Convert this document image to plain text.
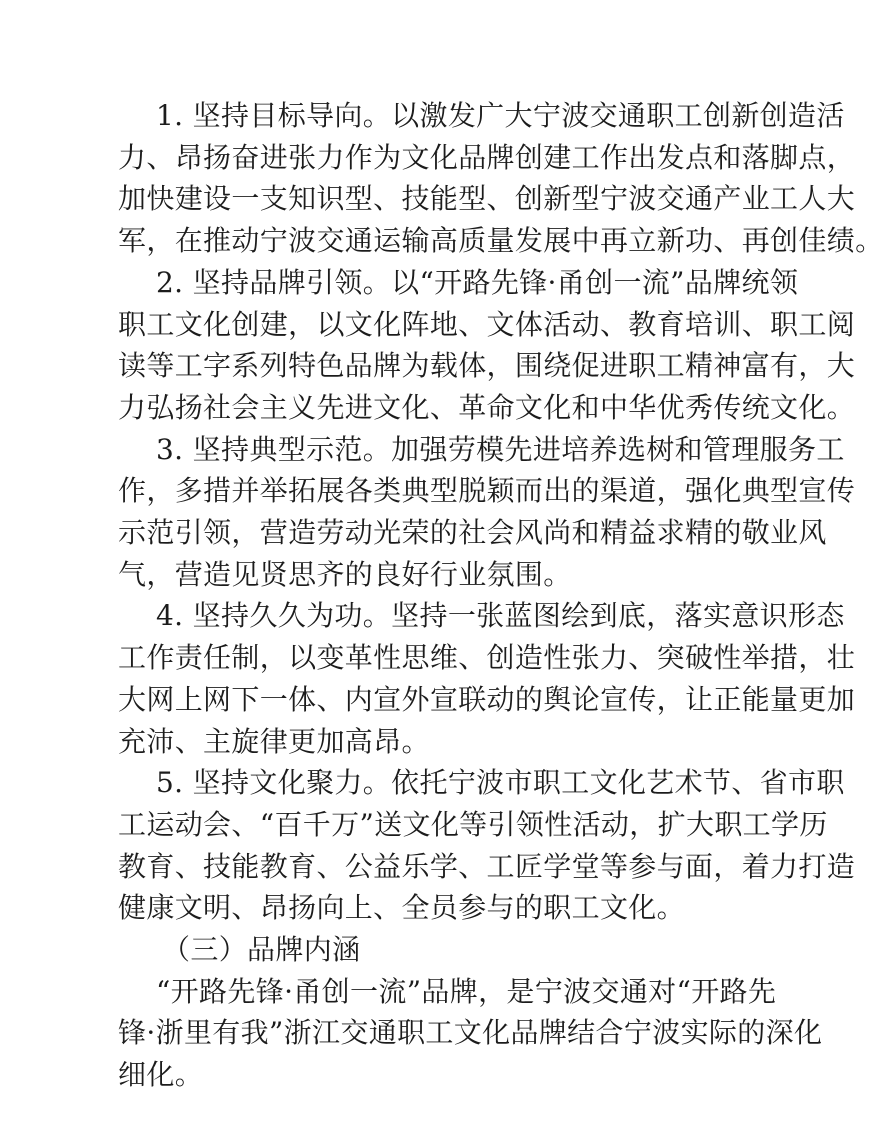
1. 坚持目标导向。以激发广大宁波交通职工创新创造活
力、昂扬奋进张力作为文化品牌创建工作出发点和落脚点，
加快建设一支知识型、技能型、创新型宁波交通产业工人大
军，在推动宁波交通运输高质量发展中再立新功、再创佳绩。

2. 坚持品牌引领。以“开路先锋·甬创一流”品牌统领
职工文化创建，以文化阵地、文体活动、教育培训、职工阅
读等工字系列特色品牌为载体，围绕促进职工精神富有，大
力弘扬社会主义先进文化、革命文化和中华优秀传统文化。

3. 坚持典型示范。加强劳模先进培养选树和管理服务工
作，多措并举拓展各类典型脱颖而出的渠道，强化典型宣传
示范引领，营造劳动光荣的社会风尚和精益求精的敬业风
气，营造见贤思齐的良好行业氛围。

4. 坚持久久为功。坚持一张蓝图绘到底，落实意识形态
工作责任制，以变革性思维、创造性张力、突破性举措，壮
大网上网下一体、内宣外宣联动的舆论宣传，让正能量更加
充沛、主旋律更加高昂。

5. 坚持文化聚力。依托宁波市职工文化艺术节、省市职
工运动会、“百千万”送文化等引领性活动，扩大职工学历
教育、技能教育、公益乐学、工匠学堂等参与面，着力打造
健康文明、昂扬向上、全员参与的职工文化。

（三）品牌内涵

“开路先锋·甬创一流”品牌，是宁波交通对“开路先
锋·浙里有我”浙江交通职工文化品牌结合宁波实际的深化
细化。
